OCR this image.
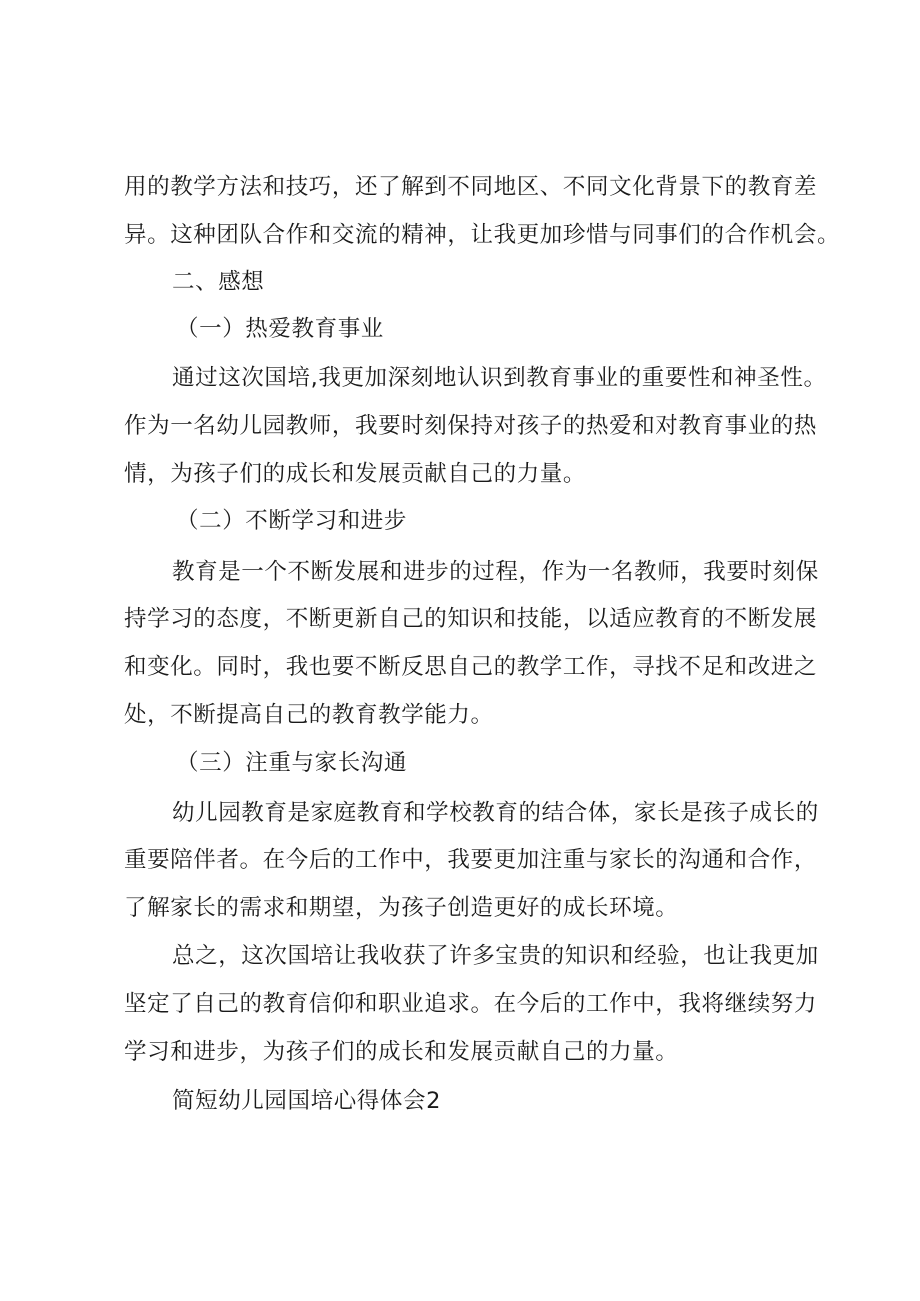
用的教学方法和技巧，还了解到不同地区、不同文化背景下的教育差
异。这种团队合作和交流的精神，让我更加珍惜与同事们的合作机会。
二、感想
（一）热爱教育事业
通过这次国培,我更加深刻地认识到教育事业的重要性和神圣性。
作为一名幼儿园教师，我要时刻保持对孩子的热爱和对教育事业的热
情，为孩子们的成长和发展贡献自己的力量。
（二）不断学习和进步
教育是一个不断发展和进步的过程，作为一名教师，我要时刻保
持学习的态度，不断更新自己的知识和技能，以适应教育的不断发展
和变化。同时，我也要不断反思自己的教学工作，寻找不足和改进之
处，不断提高自己的教育教学能力。
（三）注重与家长沟通
幼儿园教育是家庭教育和学校教育的结合体，家长是孩子成长的
重要陪伴者。在今后的工作中，我要更加注重与家长的沟通和合作，
了解家长的需求和期望，为孩子创造更好的成长环境。
总之，这次国培让我收获了许多宝贵的知识和经验，也让我更加
坚定了自己的教育信仰和职业追求。在今后的工作中，我将继续努力
学习和进步，为孩子们的成长和发展贡献自己的力量。
简短幼儿园国培心得体会2
